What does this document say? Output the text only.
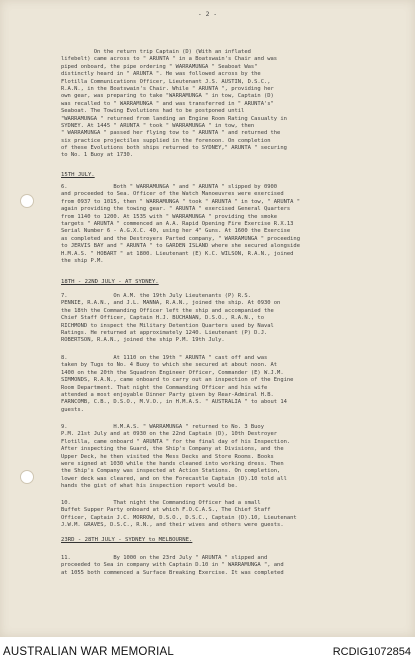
- 2 -
On the return trip Captain (D) (With an inflated
lifebelt) came across to " ARUNTA " in a Boatswain's Chair and was
piped onboard, the pipe ordering " WARRAMUNGA " Seaboat Was"
distinctly heard in " ARUNTA ". He was followed across by the
Flotilla Communications Officer, Lieutenant J.S. AUSTIN, D.S.C.,
R.A.N., in the Boatswain's Chair. While " ARUNTA ", providing her
own gear, was preparing to take "WARRAMUNGA " in tow, Captain (D)
was recalled to " WARRAMUNGA " and was transferred in " ARUNTA's"
Seaboat. The Towing Evolutions had to be postponed until
"WARRAMUNGA " returned from landing an Engine Room Rating Casualty in
SYDNEY. At 1445 " ARUNTA " took " WARRAMUNGA " in tow, then
" WARRAMUNGA " passed her flying tow to " ARUNTA " and returned the
six practice projectiles supplied in the forenoon. On completion
of these Evolutions both ships returned to SYDNEY," ARUNTA " securing
to No. 1 Buoy at 1730.
15TH JULY.
6.              Both " WARRAMUNGA " and " ARUNTA " slipped by 0900
and proceeded to Sea. Officer of the Watch Manoeuvres were exercised
from 0937 to 1015, then " WARRAMUNGA " took " ARUNTA " in tow, " ARUNTA "
again providing the towing gear. " ARUNTA " exercised General Quarters
from 1140 to 1200. At 1535 with " WARRAMUNGA " providing the smoke
targets " ARUNTA " commenced an A.A. Rapid Opening Fire Exercise R.X.13
Serial Number 6 - A.G.X.C. 40, using her 4" Guns. At 1600 the Exercise
as completed and the Destroyers Parted company, " WARRAMUNGA " proceeding
to JERVIS BAY and " ARUNTA " to GARDEN ISLAND where she secured alongside
H.M.A.S. " HOBART " at 1800. Lieutenant (E) K.C. WILSON, R.A.N., joined
the ship P.M.
18TH - 22ND JULY - AT SYDNEY.
7.              On A.M. the 19th July Lieutenants (P) R.S.
PENNIE, R.A.N., and J.L. MANNA, R.A.N., joined the ship. At 0930 on
the 18th the Commanding Officer left the ship and accompanied the
Chief Staff Officer, Captain H.J. BUCHANAN, D.S.O., R.A.N., to
RICHMOND to inspect the Military Detention Quarters used by Naval
Ratings. He returned at approximately 1240. Lieutenant (P) D.J.
ROBERTSON, R.A.N., joined the ship P.M. 19th July.
8.              At 1110 on the 19th " ARUNTA " cast off and was
taken by Tugs to No. 4 Buoy to which she secured at about noon. At
1400 on the 20th the Squadron Engineer Officer, Commander (E) W.J.M.
SIMMONDS, R.A.N., came onboard to carry out an inspection of the Engine
Room Department. That night the Commanding Officer and his wife
attended a most enjoyable Dinner Party given by Rear-Admiral H.B.
FARNCOMB, C.B., D.S.O., M.V.O., in H.M.A.S. " AUSTRALIA " to about 14
guests.
9.              H.M.A.S. " WARRAMUNGA " returned to No. 3 Buoy
P.M. 21st July and at 0930 on the 22nd Captain (D), 10th Destroyer
Flotilla, came onboard " ARUNTA " for the final day of his Inspection.
After inspecting the Guard, the Ship's Company at Divisions, and the
Upper Deck, he then visited the Mess Decks and Store Rooms. Books
were signed at 1030 while the hands cleaned into working dress. Then
the Ship's Company was inspected at Action Stations. On completion,
lower deck was cleared, and on the Forecastle Captain (D).10 told all
hands the gist of what his inspection report would be.
10.             That night the Commanding Officer had a small
Buffet Supper Party onboard at which F.O.C.A.S., The Chief Staff
Officer, Captain J.C. MORROW, D.S.O., D.S.C., Captain (D).10, Lieutenant
J.W.M. GRAVES, D.S.C., R.N., and their wives and others were guests.
23RD - 28TH JULY - SYDNEY to MELBOURNE.
11.             By 1000 on the 23rd July " ARUNTA " slipped and
proceeded to Sea in company with Captain D.10 in " WARRAMUNGA ", and
at 1055 both commenced a Surface Breaking Exercise. It was completed
AUSTRALIAN WAR MEMORIAL	RCDIG1072854
